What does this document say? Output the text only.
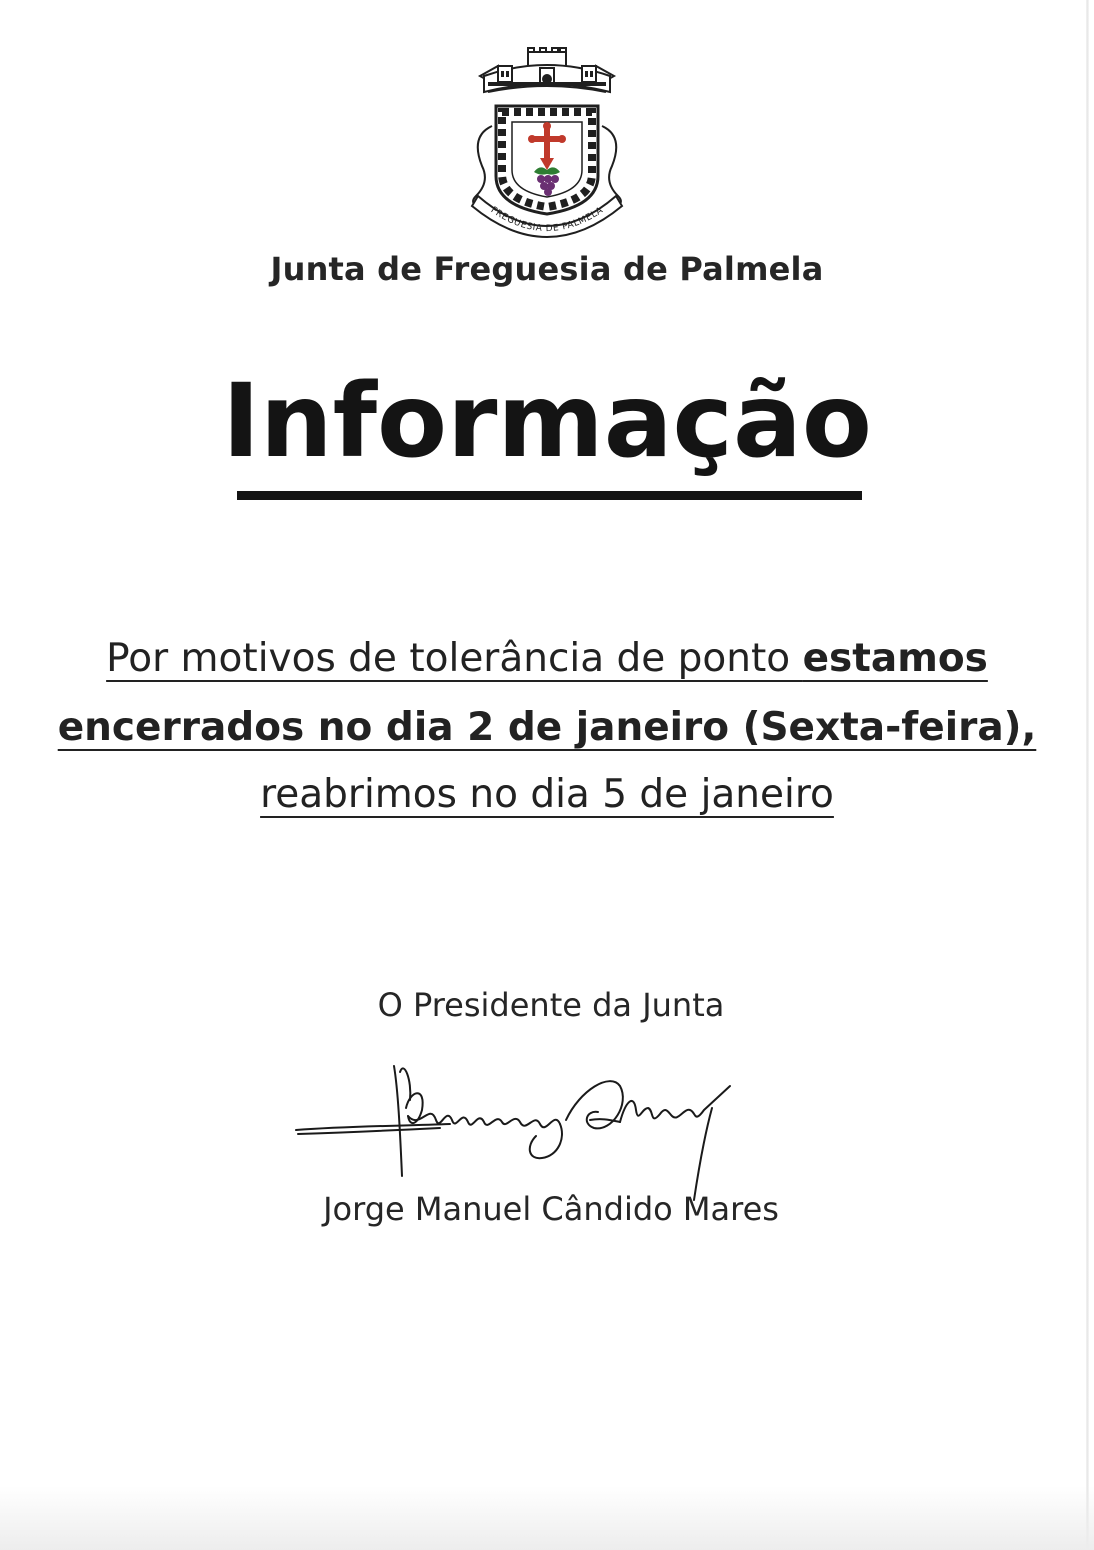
FREGUESIA DE PALMELA
Junta de Freguesia de Palmela
Informação
Por motivos de tolerância de ponto estamos
encerrados no dia 2 de janeiro (Sexta-feira),
reabrimos no dia 5 de janeiro
O Presidente da Junta
Jorge Manuel Cândido Mares
